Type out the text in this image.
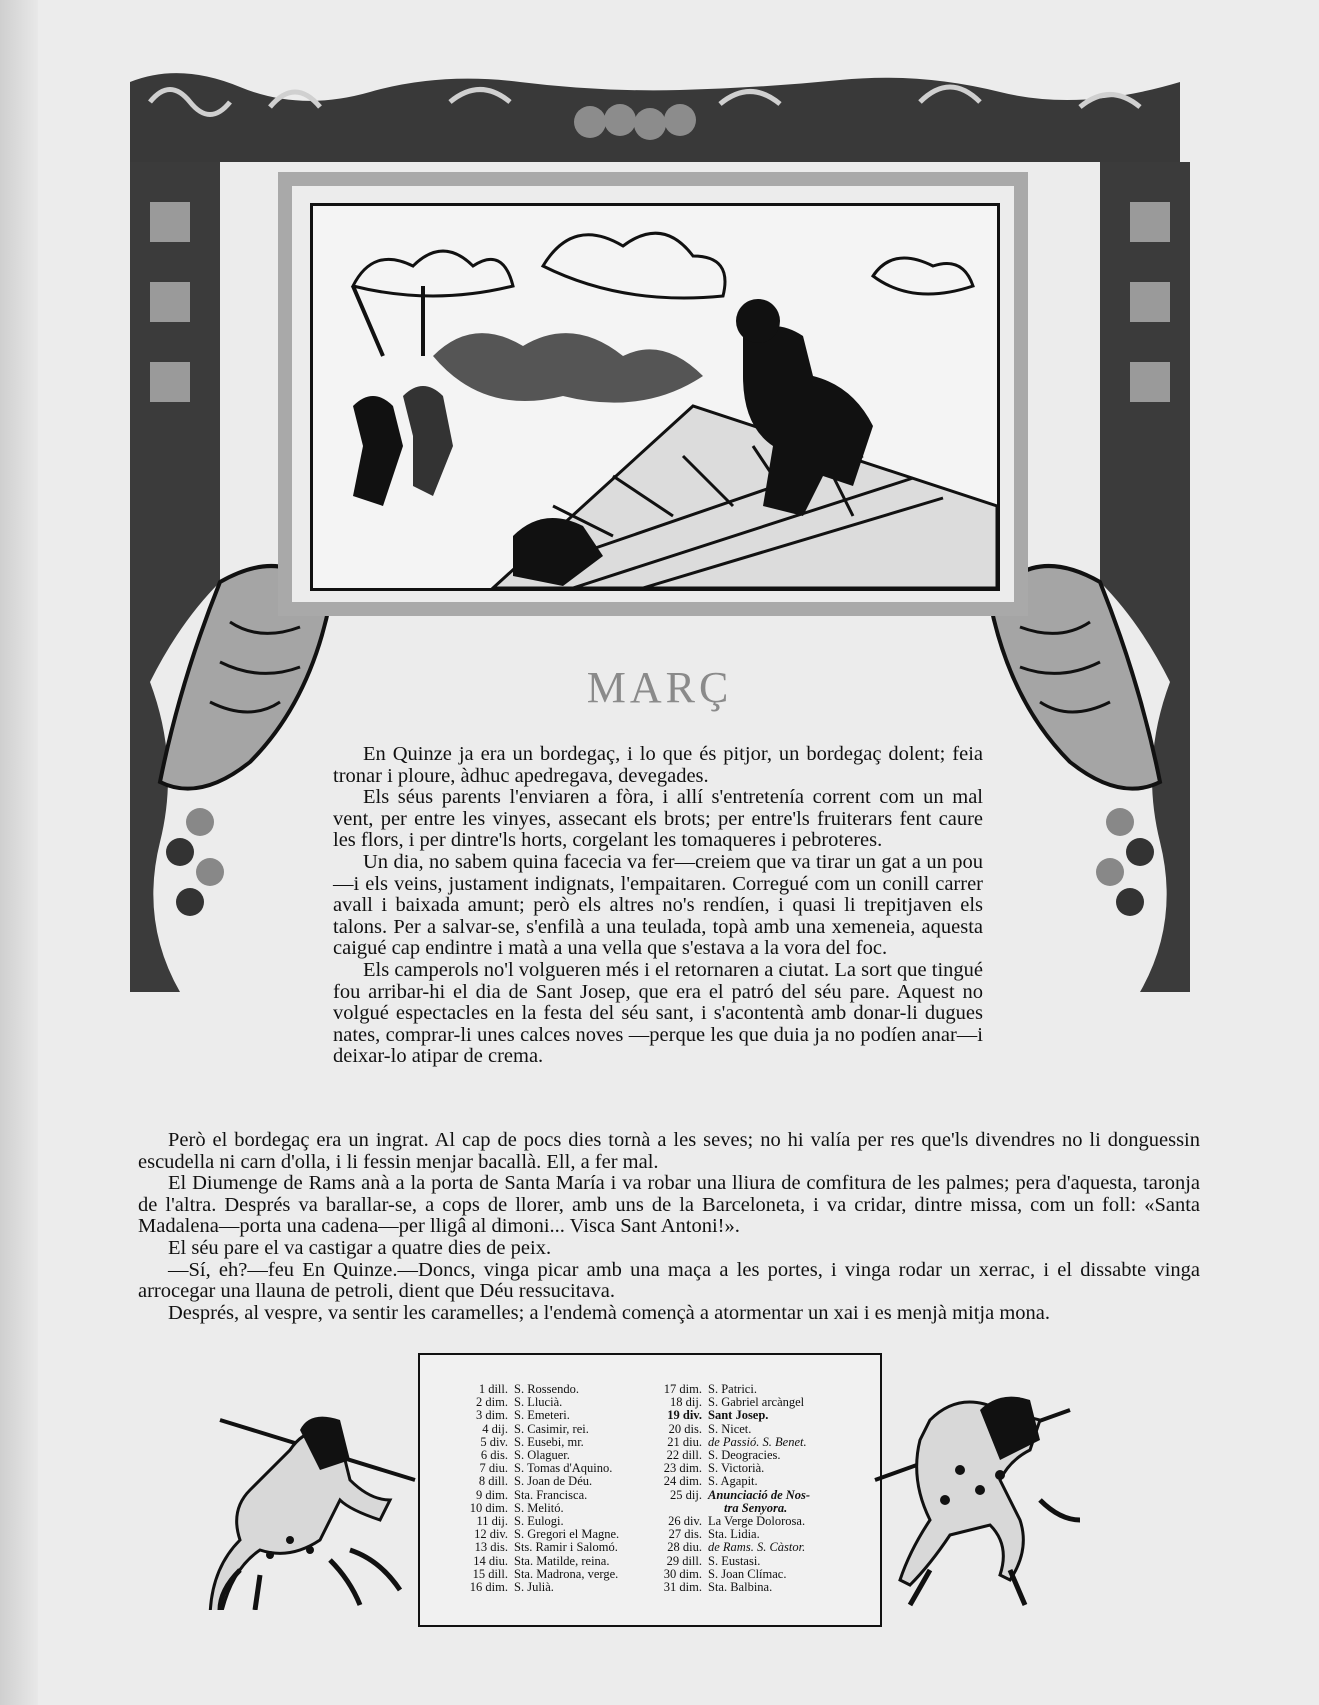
MARÇ

En Quinze ja era un bordegaç, i lo que és pitjor, un bordegaç dolent; feia tronar i ploure, àdhuc apedregava, devegades.

Els séus parents l'enviaren a fòra, i allí s'entretenía corrent com un mal vent, per entre les vinyes, assecant els brots; per entre'ls fruiterars fent caure les flors, i per dintre'ls horts, corgelant les tomaqueres i pebroteres.

Un dia, no sabem quina facecia va fer—creiem que va tirar un gat a un pou—i els veins, justament indignats, l'empaitaren. Corregué com un conill carrer avall i baixada amunt; però els altres no's rendíen, i quasi li trepitjaven els talons. Per a salvar-se, s'enfilà a una teulada, topà amb una xemeneia, aquesta caigué cap endintre i matà a una vella que s'estava a la vora del foc.

Els camperols no'l volgueren més i el retornaren a ciutat. La sort que tingué fou arribar-hi el dia de Sant Josep, que era el patró del séu pare. Aquest no volgué espectacles en la festa del séu sant, i s'acontentà amb donar-li dugues nates, comprar-li unes calces noves —perque les que duia ja no podíen anar—i deixar-lo atipar de crema.

Però el bordegaç era un ingrat. Al cap de pocs dies tornà a les seves; no hi valía per res que'ls divendres no li donguessin escudella ni carn d'olla, i li fessin menjar bacallà. Ell, a fer mal.

El Diumenge de Rams anà a la porta de Santa María i va robar una lliura de comfitura de les palmes; pera d'aquesta, taronja de l'altra. Després va barallar-se, a cops de llorer, amb uns de la Barceloneta, i va cridar, dintre missa, com un foll: «Santa Madalena—porta una cadena—per lligâ al dimoni... Visca Sant Antoni!».

El séu pare el va castigar a quatre dies de peix.

—Sí, eh?—feu En Quinze.—Doncs, vinga picar amb una maça a les portes, i vinga rodar un xerrac, i el dissabte vinga arrocegar una llauna de petroli, dient que Déu ressucitava.

Després, al vespre, va sentir les caramelles; a l'endemà començà a atormentar un xai i es menjà mitja mona.

1 dill. S. Rossendo.
2 dim. S. Llucià.
3 dim. S. Emeteri.
4 dij. S. Casimir, rei.
5 div. S. Eusebi, mr.
6 dis. S. Olaguer.
7 diu. S. Tomas d'Aquino.
8 dill. S. Joan de Déu.
9 dim. Sta. Francisca.
10 dim. S. Melitó.
11 dij. S. Eulogi.
12 div. S. Gregori el Magne.
13 dis. Sts. Ramir i Salomó.
14 diu. Sta. Matilde, reina.
15 dill. Sta. Madrona, verge.
16 dim. S. Julià.
17 dim. S. Patrici.
18 dij. S. Gabriel arcàngel
19 div. Sant Josep.
20 dis. S. Nicet.
21 diu. de Passió. S. Benet.
22 dill. S. Deogracies.
23 dim. S. Victorià.
24 dim. S. Agapit.
25 dij. Anunciació de Nos-
tra Senyora.
26 div. La Verge Dolorosa.
27 dis. Sta. Lidia.
28 diu. de Rams. S. Càstor.
29 dill. S. Eustasi.
30 dim. S. Joan Clímac.
31 dim. Sta. Balbina.
